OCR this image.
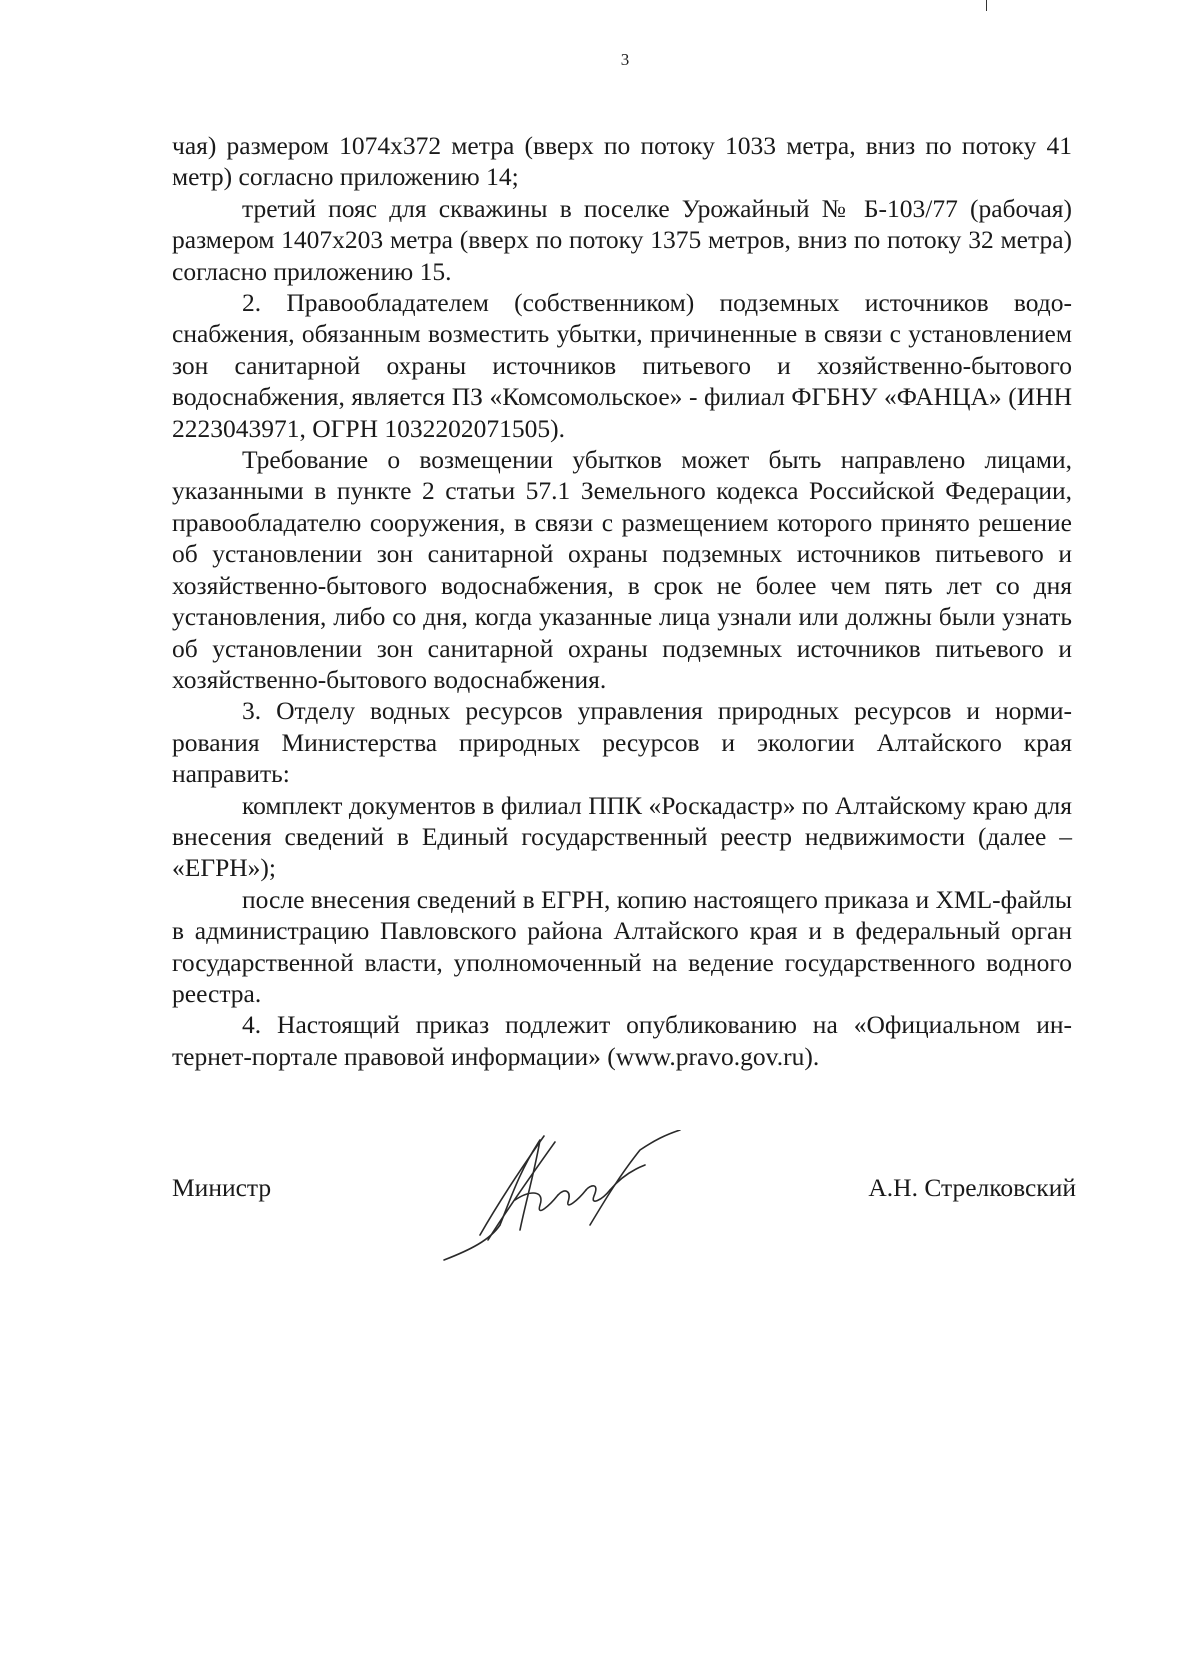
3

чая) размером 1074х372 метра (вверх по потоку 1033 метра, вниз по потоку 41 метр) согласно приложению 14;

третий пояс для скважины в поселке Урожайный № Б-103/77 (рабочая) размером 1407х203 метра (вверх по потоку 1375 метров, вниз по потоку 32 метра) согласно приложению 15.

2. Правообладателем (собственником) подземных источников водоснабжения, обязанным возместить убытки, причиненные в связи с установлением зон санитарной охраны источников питьевого и хозяйственно-бытового водоснабжения, является ПЗ «Комсомольское» - филиал ФГБНУ «ФАНЦА» (ИНН 2223043971, ОГРН 1032202071505).

Требование о возмещении убытков может быть направлено лицами, указанными в пункте 2 статьи 57.1 Земельного кодекса Российской Федерации, правообладателю сооружения, в связи с размещением которого принято решение об установлении зон санитарной охраны подземных источников питьевого и хозяйственно-бытового водоснабжения, в срок не более чем пять лет со дня установления, либо со дня, когда указанные лица узнали или должны были узнать об установлении зон санитарной охраны подземных источников питьевого и хозяйственно-бытового водоснабжения.

3. Отделу водных ресурсов управления природных ресурсов и нормирования Министерства природных ресурсов и экологии Алтайского края направить:

комплект документов в филиал ППК «Роскадастр» по Алтайскому краю для внесения сведений в Единый государственный реестр недвижимости (далее – «ЕГРН»);

после внесения сведений в ЕГРН, копию настоящего приказа и XML-файлы в администрацию Павловского района Алтайского края и в федеральный орган государственной власти, уполномоченный на ведение государственного водного реестра.

4. Настоящий приказ подлежит опубликованию на «Официальном интернет-портале правовой информации» (www.pravo.gov.ru).

Министр	А.Н. Стрелковский
